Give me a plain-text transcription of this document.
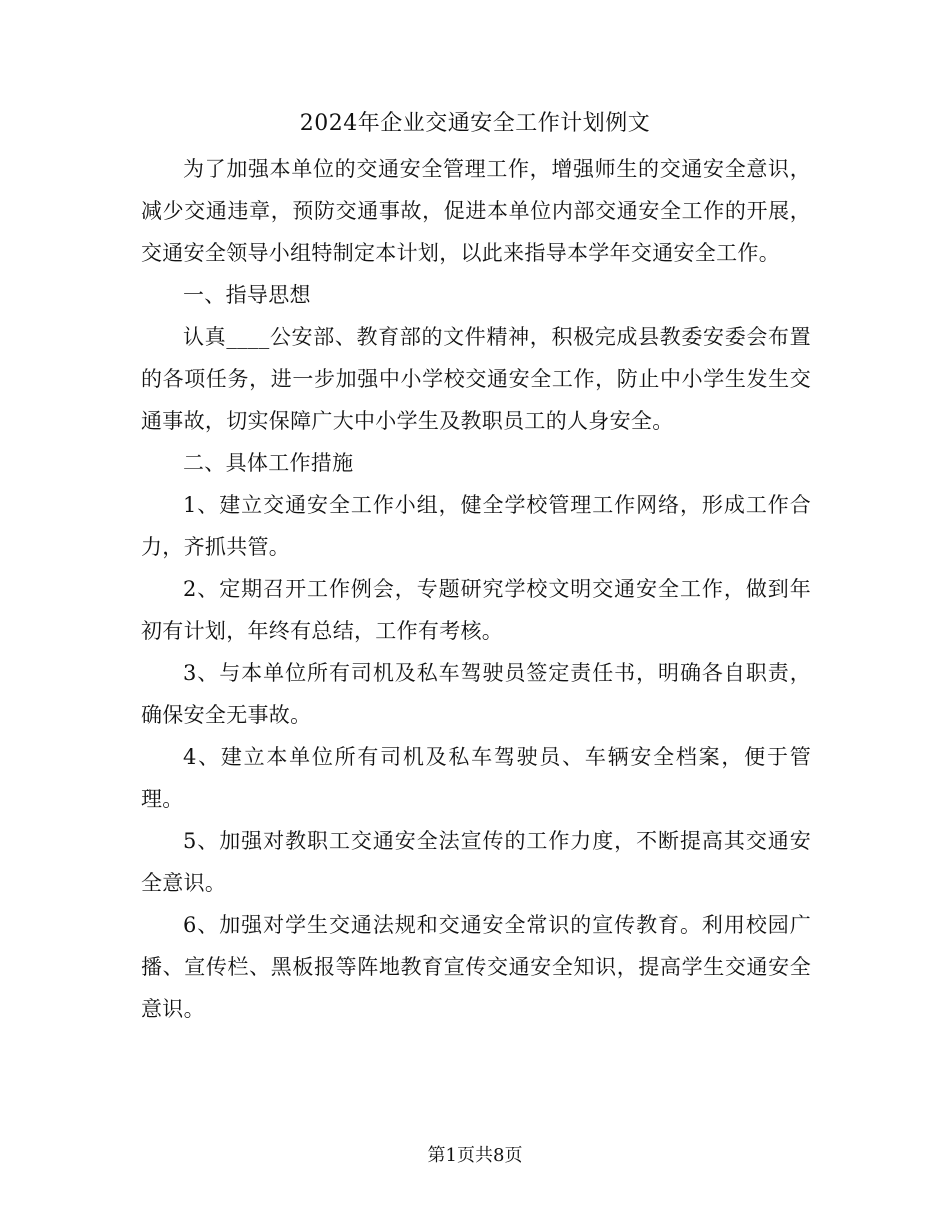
2024年企业交通安全工作计划例文

为了加强本单位的交通安全管理工作，增强师生的交通安全意识，减少交通违章，预防交通事故，促进本单位内部交通安全工作的开展，交通安全领导小组特制定本计划，以此来指导本学年交通安全工作。

一、指导思想

认真____公安部、教育部的文件精神，积极完成县教委安委会布置的各项任务，进一步加强中小学校交通安全工作，防止中小学生发生交通事故，切实保障广大中小学生及教职员工的人身安全。

二、具体工作措施

1、建立交通安全工作小组，健全学校管理工作网络，形成工作合力，齐抓共管。

2、定期召开工作例会，专题研究学校文明交通安全工作，做到年初有计划，年终有总结，工作有考核。

3、与本单位所有司机及私车驾驶员签定责任书，明确各自职责，确保安全无事故。

4、建立本单位所有司机及私车驾驶员、车辆安全档案，便于管理。

5、加强对教职工交通安全法宣传的工作力度，不断提高其交通安全意识。

6、加强对学生交通法规和交通安全常识的宣传教育。利用校园广播、宣传栏、黑板报等阵地教育宣传交通安全知识，提高学生交通安全意识。

第1页共8页
